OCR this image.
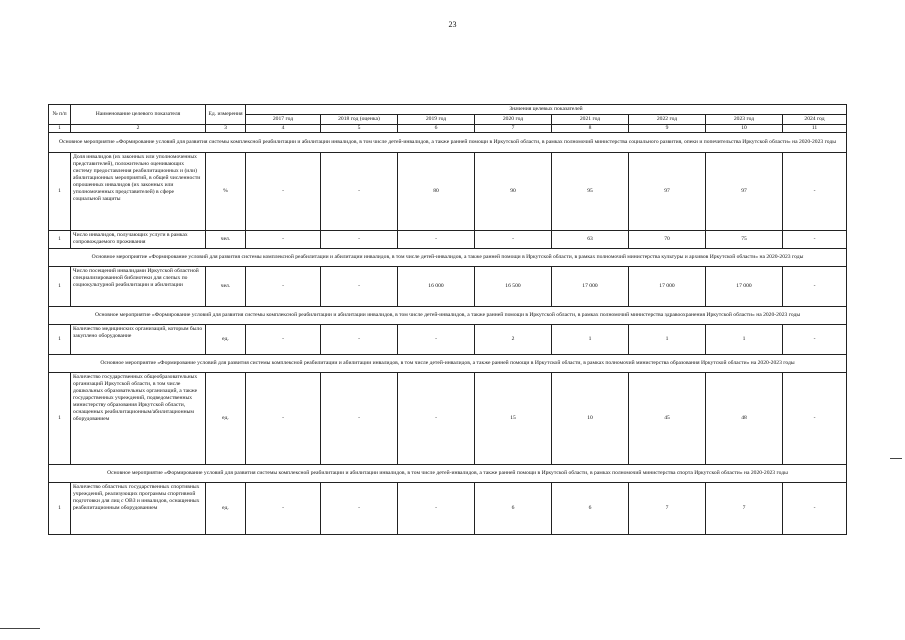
23
№ п/п	Наименование целевого показателя	Ед. измерения	Значения целевых показателей							
			2017 год	2018 год (оценка)	2019 год	2020 год	2021 год	2022 год	2023 год	2024 год
1	2	3	4	5	6	7	8	9	10	11
Основное мероприятие «Формирование условий для развития системы комплексной реабилитации и абилитации инвалидов, в том числе детей-инвалидов, а также ранней помощи в Иркутской области, в рамках полномочий министерства социального развития, опеки и попечительства Иркутской области» на 2020-2023 годы										
1	Доля инвалидов (их законных или уполномоченных представителей), положительно оценивающих систему предоставления реабилитационных и (или) абилитационных мероприятий, в общей численности опрошенных инвалидов (их законных или уполномоченных представителей) в сфере социальной защиты	%	-	-	80	90	95	97	97	-
1	Число инвалидов, получающих услуги в рамках сопровождаемого проживания	чел.	-	-	-	-	63	70	75	-
Основное мероприятие «Формирование условий для развития системы комплексной реабилитации и абилитации инвалидов, в том числе детей-инвалидов, а также ранней помощи в Иркутской области, в рамках полномочий министерства культуры и архивов Иркутской области» на 2020-2023 годы										
1	Число посещений инвалидами Иркутской областной специализированной библиотеки для слепых по социокультурной реабилитации и абилитации	чел.	-	-	16 000	16 500	17 000	17 000	17 000	-
Основное мероприятие «Формирование условий для развития системы комплексной реабилитации и абилитации инвалидов, в том числе детей-инвалидов, а также ранней помощи в Иркутской области, в рамках полномочий министерства здравоохранения Иркутской области» на 2020-2023 годы										
1	Количество медицинских организаций, которым было закуплено оборудование	ед.	-	-	-	2	1	1	1	-
Основное мероприятие «Формирование условий для развития системы комплексной реабилитации и абилитации инвалидов, в том числе детей-инвалидов, а также ранней помощи в Иркутской области, в рамках полномочий министерства образования Иркутской области» на 2020-2023 годы										
1	Количество государственных общеобразовательных организаций Иркутской области, в том числе дошкольных образовательных организаций, а также государственных учреждений, подведомственных министерству образования Иркутской области, оснащенных реабилитационным/абилитационным оборудованием	ед.	-	-	-	15	10	45	48	-
Основное мероприятие «Формирование условий для развития системы комплексной реабилитации и абилитации инвалидов, в том числе детей-инвалидов, а также ранней помощи в Иркутской области, в рамках полномочий министерства спорта Иркутской области» на 2020-2023 годы										
1	Количество областных государственных спортивных учреждений, реализующих программы спортивной подготовки для лиц с ОВЗ и инвалидов, оснащенных реабилитационным оборудованием	ед.	-	-	-	6	6	7	7	-
